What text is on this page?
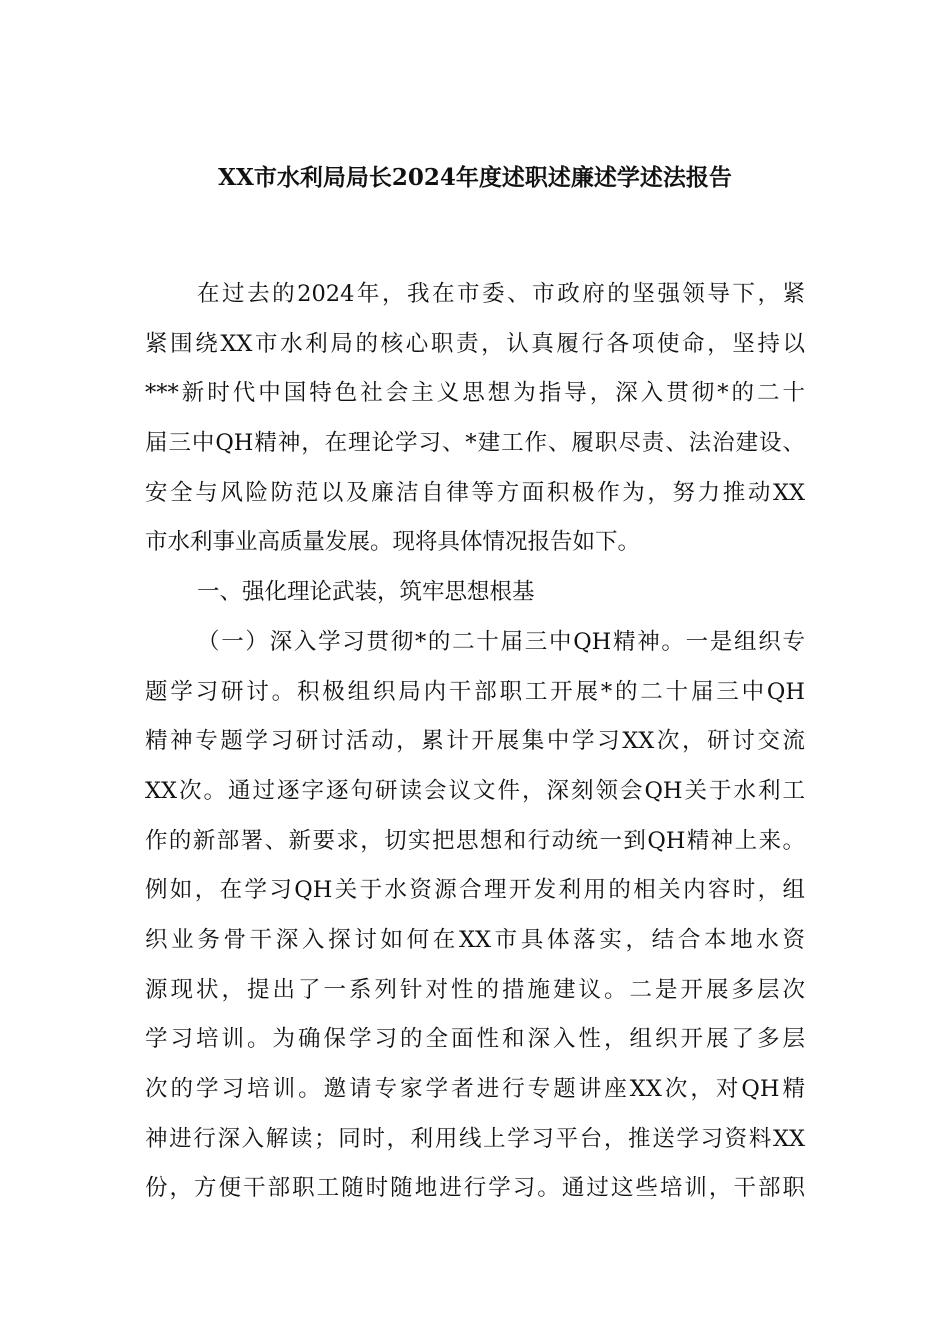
XX市水利局局长2024年度述职述廉述学述法报告
在过去的2024年，我在市委、市政府的坚强领导下，紧
紧围绕XX市水利局的核心职责，认真履行各项使命，坚持以
***新时代中国特色社会主义思想为指导，深入贯彻*的二十
届三中QH精神，在理论学习、*建工作、履职尽责、法治建设、
安全与风险防范以及廉洁自律等方面积极作为，努力推动XX
市水利事业高质量发展。现将具体情况报告如下。
一、强化理论武装，筑牢思想根基
（一）深入学习贯彻*的二十届三中QH精神。一是组织专
题学习研讨。积极组织局内干部职工开展*的二十届三中QH
精神专题学习研讨活动，累计开展集中学习XX次，研讨交流
XX次。通过逐字逐句研读会议文件，深刻领会QH关于水利工
作的新部署、新要求，切实把思想和行动统一到QH精神上来。
例如，在学习QH关于水资源合理开发利用的相关内容时，组
织业务骨干深入探讨如何在XX市具体落实，结合本地水资
源现状，提出了一系列针对性的措施建议。二是开展多层次
学习培训。为确保学习的全面性和深入性，组织开展了多层
次的学习培训。邀请专家学者进行专题讲座XX次，对QH精
神进行深入解读；同时，利用线上学习平台，推送学习资料XX
份，方便干部职工随时随地进行学习。通过这些培训，干部职
